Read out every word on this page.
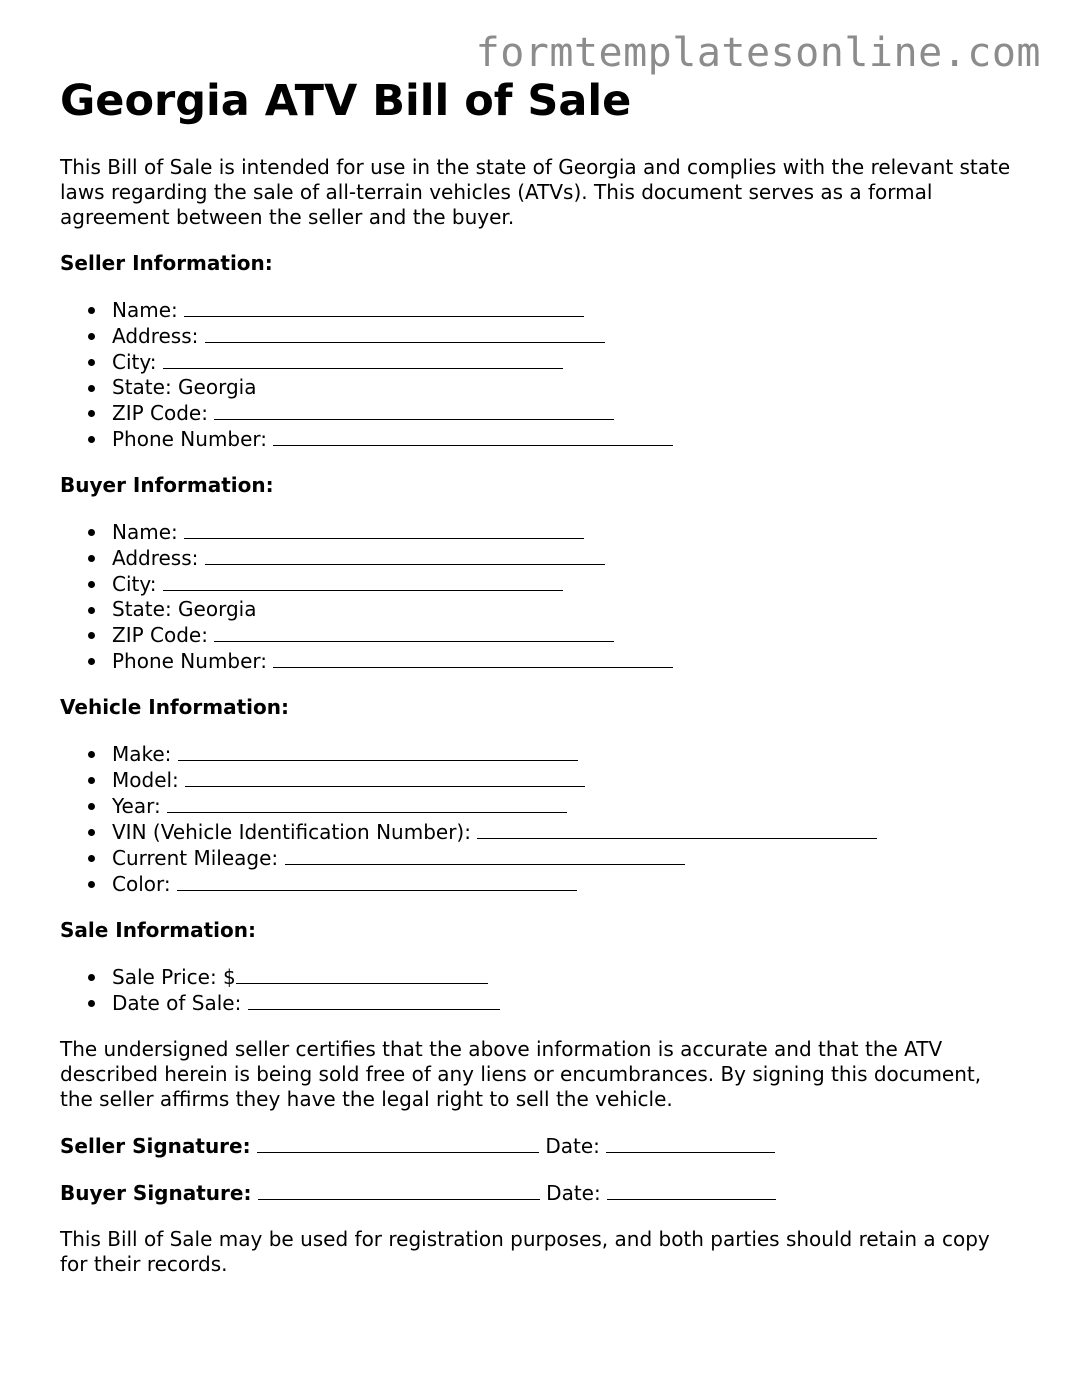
formtemplatesonline.com
Georgia ATV Bill of Sale

This Bill of Sale is intended for use in the state of Georgia and complies with the relevant state laws regarding the sale of all-terrain vehicles (ATVs). This document serves as a formal agreement between the seller and the buyer.

Seller Information:
Name:
Address:
City:
State: Georgia
ZIP Code:
Phone Number:
Buyer Information:
Name:
Address:
City:
State: Georgia
ZIP Code:
Phone Number:
Vehicle Information:
Make:
Model:
Year:
VIN (Vehicle Identification Number):
Current Mileage:
Color:
Sale Information:
Sale Price: $
Date of Sale:

The undersigned seller certifies that the above information is accurate and that the ATV described herein is being sold free of any liens or encumbrances. By signing this document, the seller affirms they have the legal right to sell the vehicle.

Seller Signature:	Date:
Buyer Signature:	Date:

This Bill of Sale may be used for registration purposes, and both parties should retain a copy for their records.
